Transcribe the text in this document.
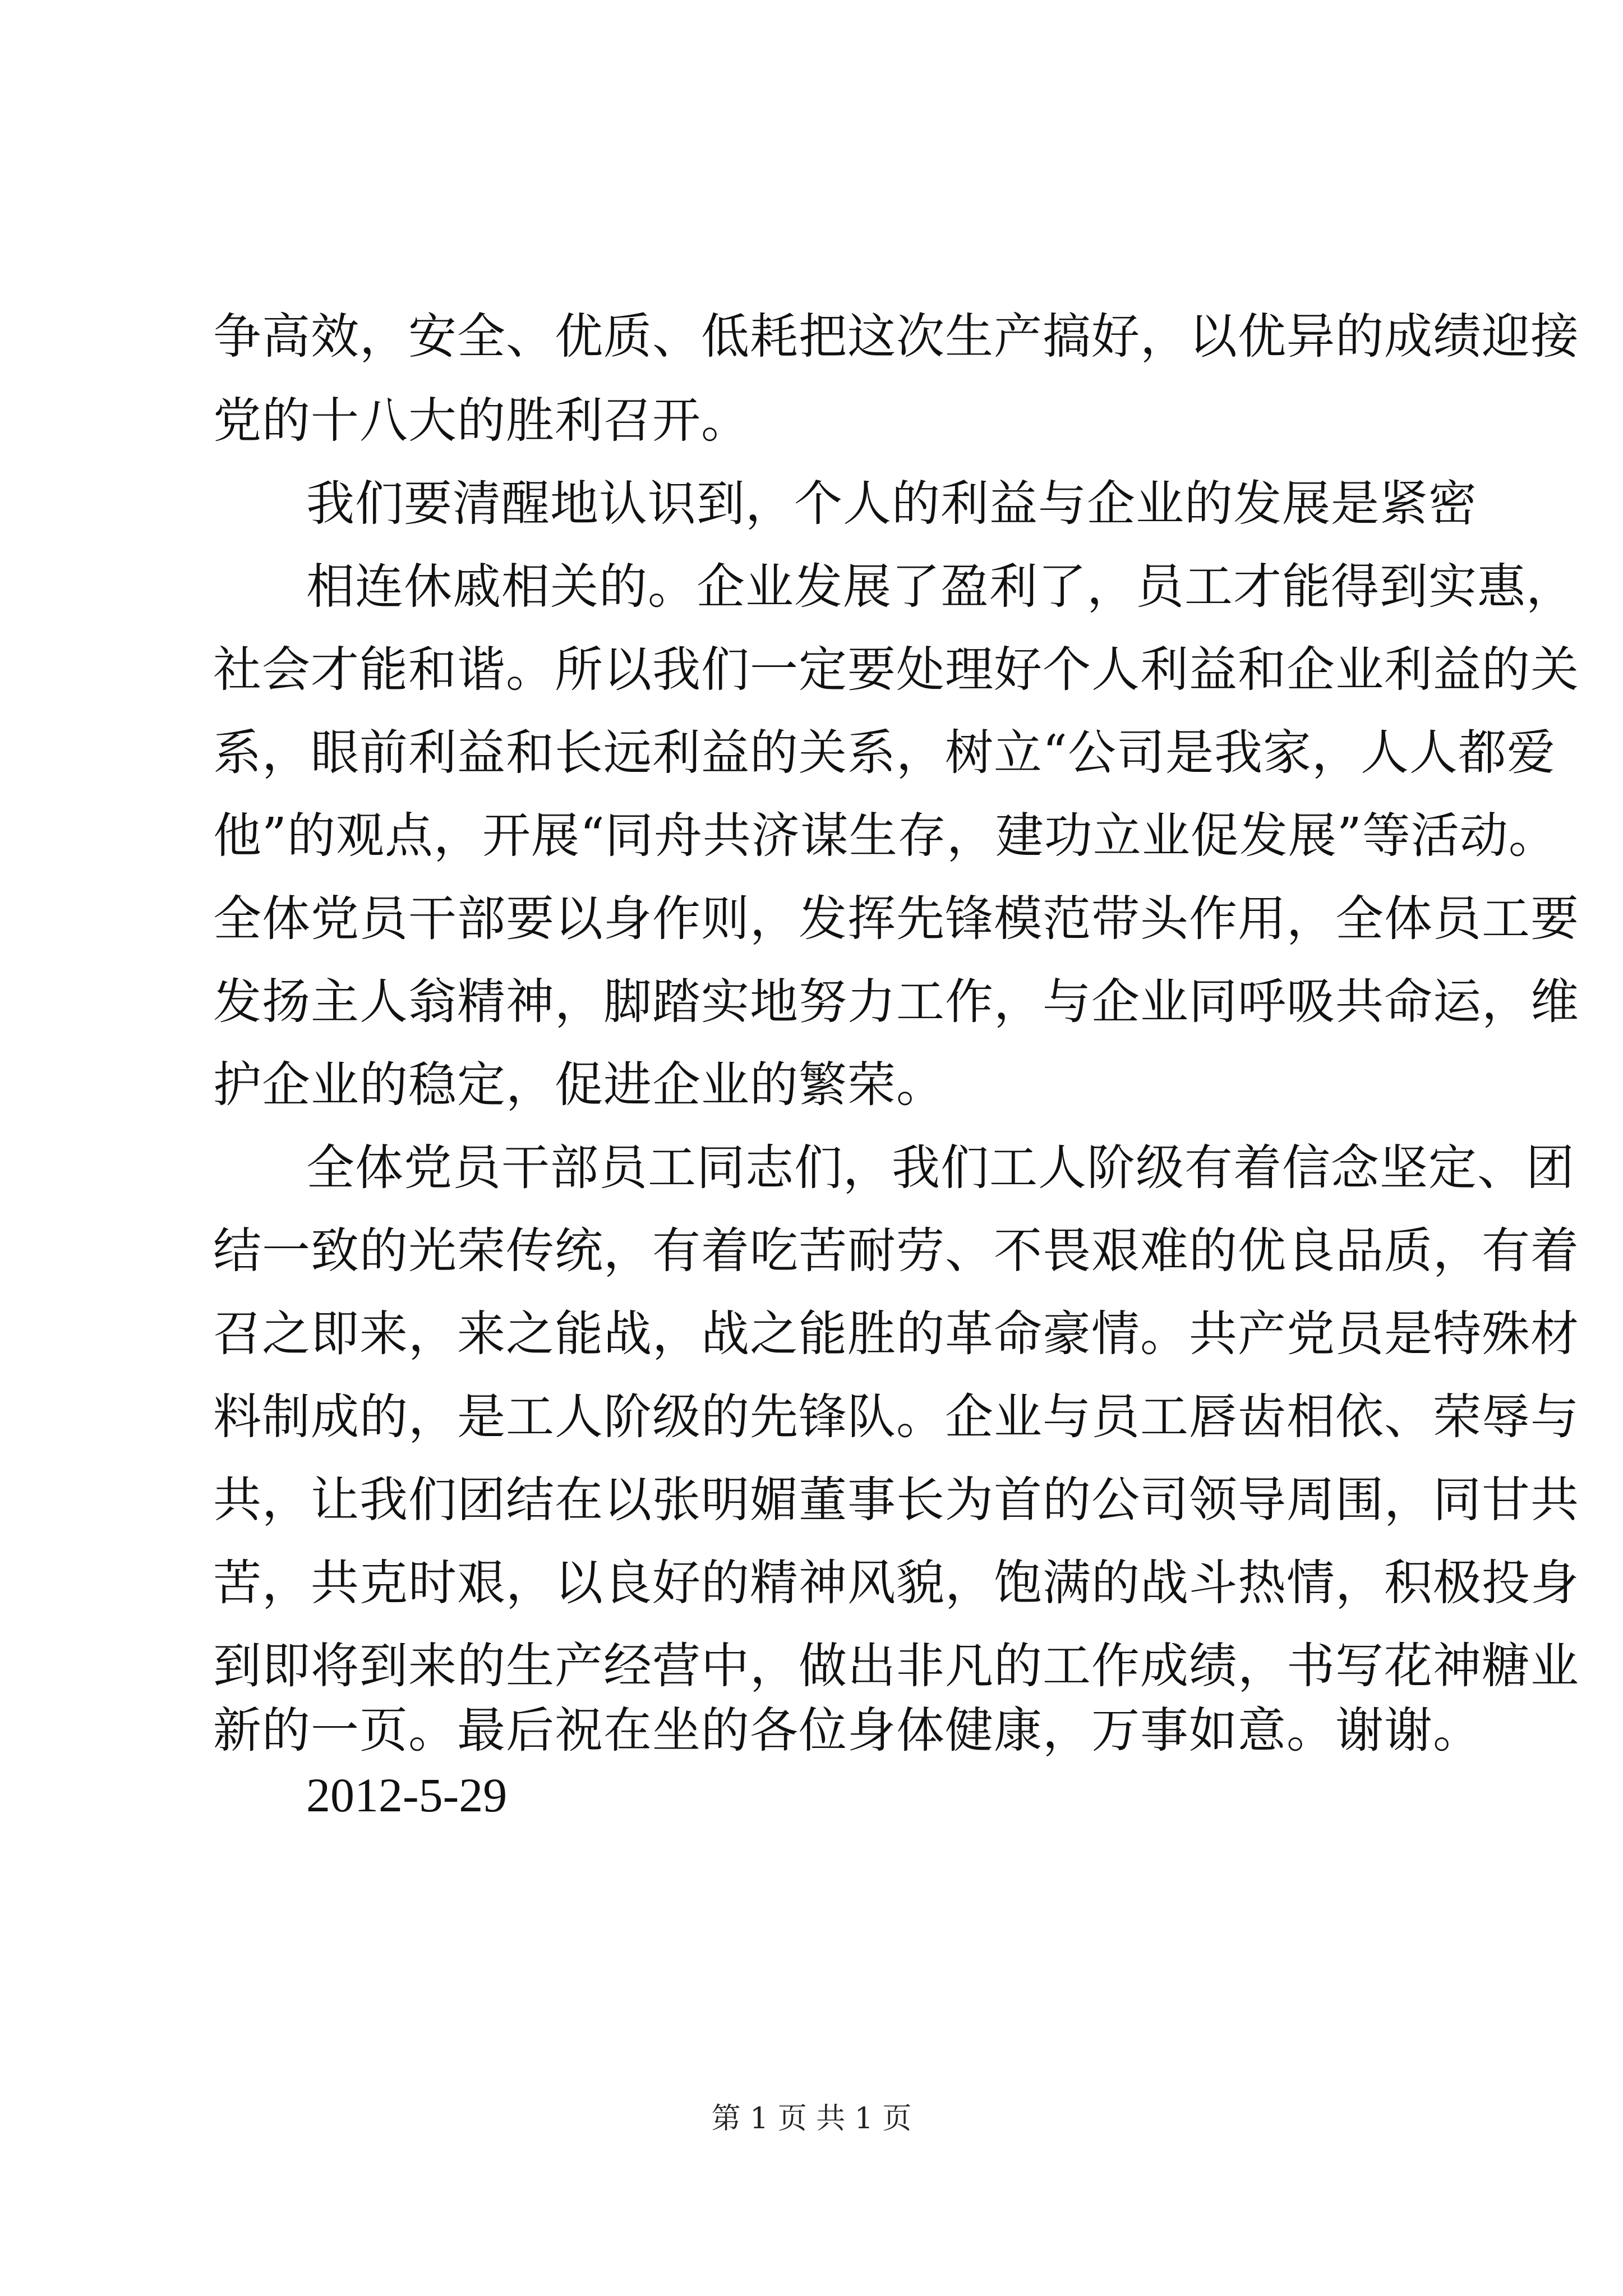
争高效，安全、优质、低耗把这次生产搞好，以优异的成绩迎接
党的十八大的胜利召开。
我们要清醒地认识到，个人的利益与企业的发展是紧密
相连休戚相关的。企业发展了盈利了，员工才能得到实惠，
社会才能和谐。所以我们一定要处理好个人利益和企业利益的关
系，眼前利益和长远利益的关系，树立“公司是我家，人人都爱
他”的观点，开展“同舟共济谋生存，建功立业促发展”等活动。
全体党员干部要以身作则，发挥先锋模范带头作用，全体员工要
发扬主人翁精神，脚踏实地努力工作，与企业同呼吸共命运，维
护企业的稳定，促进企业的繁荣。
全体党员干部员工同志们，我们工人阶级有着信念坚定、团
结一致的光荣传统，有着吃苦耐劳、不畏艰难的优良品质，有着
召之即来，来之能战，战之能胜的革命豪情。共产党员是特殊材
料制成的，是工人阶级的先锋队。企业与员工唇齿相依、荣辱与
共，让我们团结在以张明媚董事长为首的公司领导周围，同甘共
苦，共克时艰，以良好的精神风貌，饱满的战斗热情，积极投身
到即将到来的生产经营中，做出非凡的工作成绩，书写花神糖业
新的一页。最后祝在坐的各位身体健康，万事如意。谢谢。
2012-5-29
第 1 页 共 1 页
